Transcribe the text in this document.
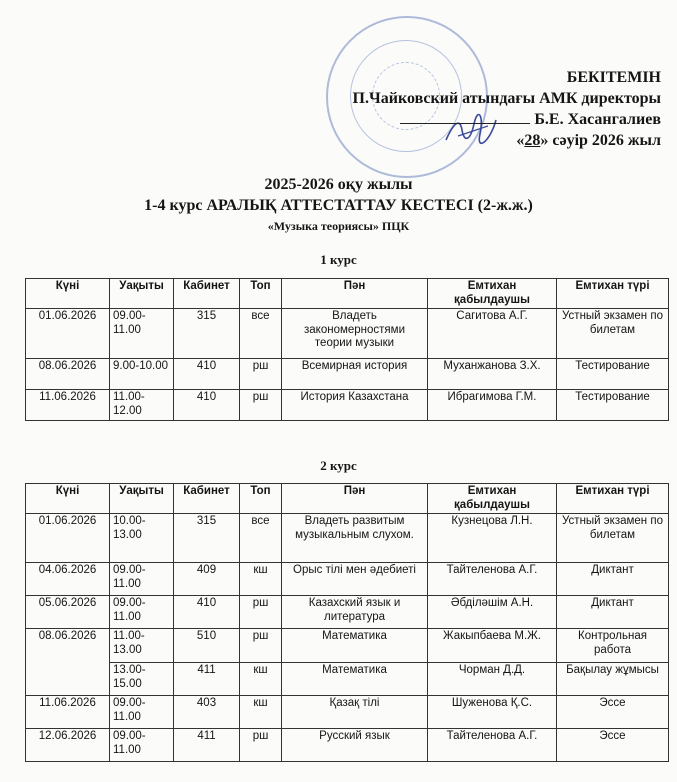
БЕКІТЕМІН
П.Чайковский атындағы АМК директоры
Б.Е. Хасангалиев
«28» сәуір 2026 жыл
2025-2026 оқу жылы
1-4 курс АРАЛЫҚ АТТЕСТАТТАУ КЕСТЕСІ (2-ж.ж.)
«Музыка теориясы» ПЦК
1 курс
Күні	Уақыты	Кабинет	Топ	Пән	Емтихан қабылдаушы	Емтихан түрі
01.06.2026	09.00-11.00	315	все	Владеть закономерностями теории музыки	Сагитова А.Г.	Устный экзамен по билетам
08.06.2026	9.00-10.00	410	рш	Всемирная история	Муханжанова З.Х.	Тестирование
11.06.2026	11.00-12.00	410	рш	История Казахстана	Ибрагимова Г.М.	Тестирование
2 курс
Күні	Уақыты	Кабинет	Топ	Пән	Емтихан қабылдаушы	Емтихан түрі
01.06.2026	10.00-13.00	315	все	Владеть развитым музыкальным слухом.	Кузнецова Л.Н.	Устный экзамен по билетам
04.06.2026	09.00-11.00	409	кш	Орыс тілі мен әдебиеті	Тайтеленова А.Г.	Диктант
05.06.2026	09.00-11.00	410	рш	Казахский язык и литература	Әбділәшім А.Н.	Диктант
08.06.2026	11.00-13.00	510	рш	Математика	Жакыпбаева М.Ж.	Контрольная работа
	13.00-15.00	411	кш	Математика	Чорман Д.Д.	Бақылау жұмысы
11.06.2026	09.00-11.00	403	кш	Қазақ тілі	Шуженова Қ.С.	Эссе
12.06.2026	09.00-11.00	411	рш	Русский язык	Тайтеленова А.Г.	Эссе
